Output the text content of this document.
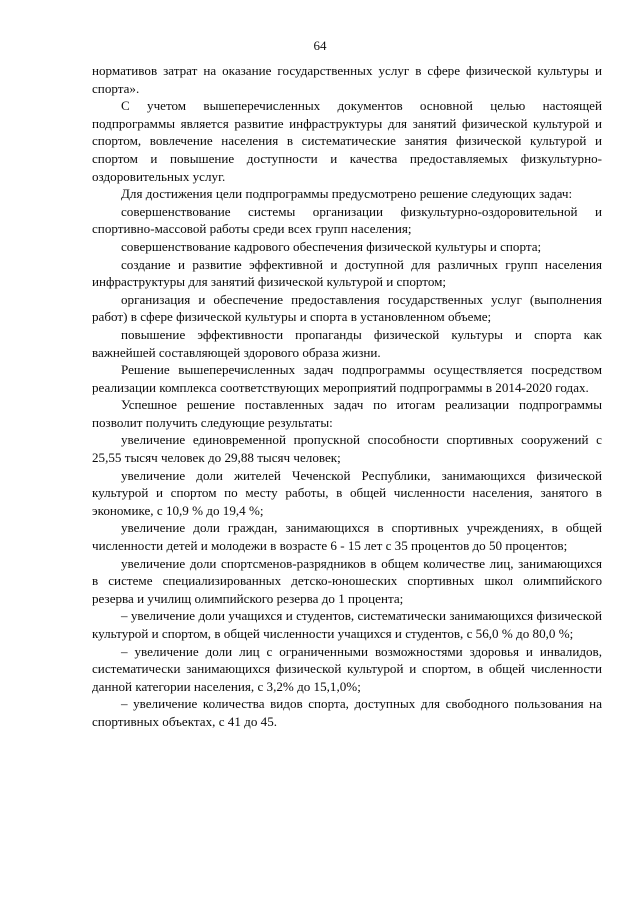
64

нормативов затрат на оказание государственных услуг в сфере физической культуры и спорта».

С учетом вышеперечисленных документов основной целью настоящей подпрограммы является развитие инфраструктуры для занятий физической культурой и спортом, вовлечение населения в систематические занятия физической культурой и спортом и повышение доступности и качества предоставляемых физкультурно-оздоровительных услуг.

Для достижения цели подпрограммы предусмотрено решение следующих задач:

совершенствование системы организации физкультурно-оздоровительной и спортивно-массовой работы среди всех групп населения;

совершенствование кадрового обеспечения физической культуры и спорта;

создание и развитие эффективной и доступной для различных групп населения инфраструктуры для занятий физической культурой и спортом;

организация и обеспечение предоставления государственных услуг (выполнения работ) в сфере физической культуры и спорта в установленном объеме;

повышение эффективности пропаганды физической культуры и спорта как важнейшей составляющей здорового образа жизни.

Решение вышеперечисленных задач подпрограммы осуществляется посредством реализации комплекса соответствующих мероприятий подпрограммы в 2014-2020 годах.

Успешное решение поставленных задач по итогам реализации подпрограммы позволит получить следующие результаты:

увеличение единовременной пропускной способности спортивных сооружений с 25,55 тысяч человек до 29,88 тысяч человек;

увеличение доли жителей Чеченской Республики, занимающихся физической культурой и спортом по месту работы, в общей численности населения, занятого в экономике, с 10,9 % до 19,4 %;

увеличение доли граждан, занимающихся в спортивных учреждениях, в общей численности детей и молодежи в возрасте 6 - 15 лет с 35 процентов до 50 процентов;

увеличение доли спортсменов-разрядников в общем количестве лиц, занимающихся в системе специализированных детско-юношеских спортивных школ олимпийского резерва и училищ олимпийского резерва до 1 процента;

– увеличение доли учащихся и студентов, систематически занимающихся физической культурой и спортом, в общей численности учащихся и студентов, с 56,0 % до 80,0 %;

– увеличение доли лиц с ограниченными возможностями здоровья и инвалидов, систематически занимающихся физической культурой и спортом, в общей численности данной категории населения, с 3,2% до 15,1,0%;

– увеличение количества видов спорта, доступных для свободного пользования на спортивных объектах, с 41 до 45.
